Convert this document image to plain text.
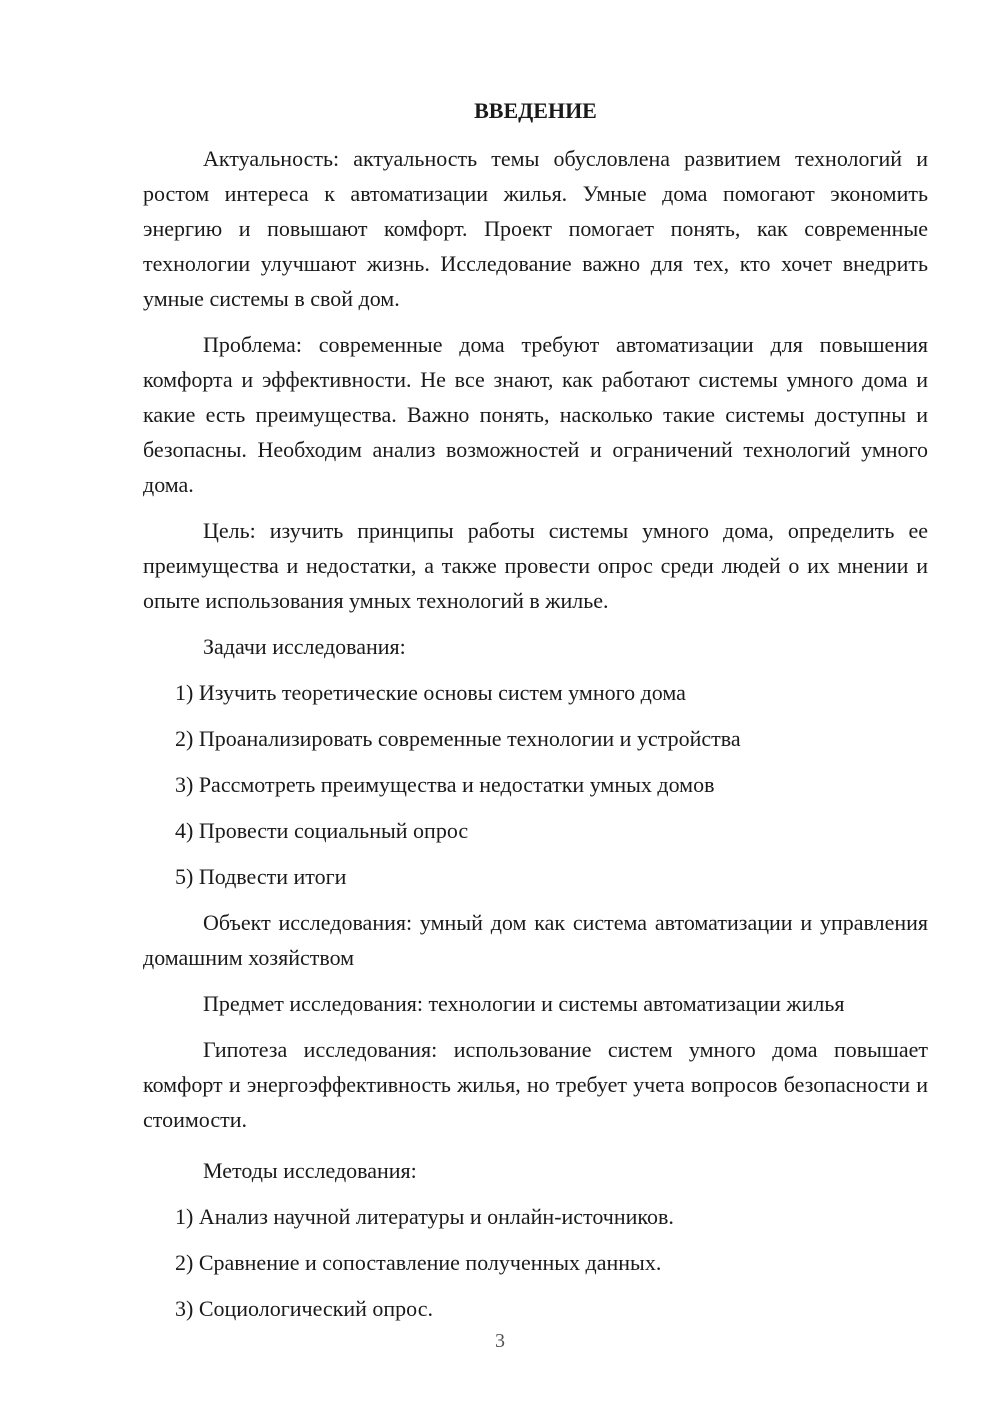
ВВЕДЕНИЕ

Актуальность: актуальность темы обусловлена развитием технологий и ростом интереса к автоматизации жилья. Умные дома помогают экономить энергию и повышают комфорт. Проект помогает понять, как современные технологии улучшают жизнь. Исследование важно для тех, кто хочет внедрить умные системы в свой дом.

Проблема: современные дома требуют автоматизации для повышения комфорта и эффективности. Не все знают, как работают системы умного дома и какие есть преимущества. Важно понять, насколько такие системы доступны и безопасны. Необходим анализ возможностей и ограничений технологий умного дома.

Цель: изучить принципы работы системы умного дома, определить ее преимущества и недостатки, а также провести опрос среди людей о их мнении и опыте использования умных технологий в жилье.

Задачи исследования:

1) Изучить теоретические основы систем умного дома
2) Проанализировать современные технологии и устройства
3) Рассмотреть преимущества и недостатки умных домов
4) Провести социальный опрос
5) Подвести итоги

Объект исследования: умный дом как система автоматизации и управления домашним хозяйством

Предмет исследования: технологии и системы автоматизации жилья

Гипотеза исследования: использование систем умного дома повышает комфорт и энергоэффективность жилья, но требует учета вопросов безопасности и стоимости.

Методы исследования:

1) Анализ научной литературы и онлайн-источников.
2) Сравнение и сопоставление полученных данных.
3) Социологический опрос.
3
